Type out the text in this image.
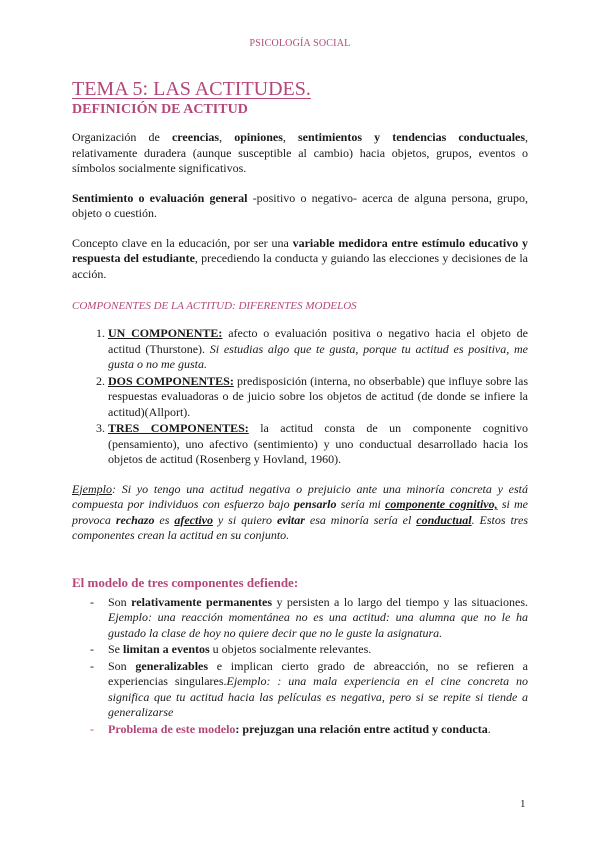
PSICOLOGÍA SOCIAL
TEMA 5: LAS ACTITUDES.
DEFINICIÓN DE ACTITUD

Organización de creencias, opiniones, sentimientos y tendencias conductuales, relativamente duradera (aunque susceptible al cambio) hacia objetos, grupos, eventos o símbolos socialmente significativos.

Sentimiento o evaluación general -positivo o negativo- acerca de alguna persona, grupo, objeto o cuestión.

Concepto clave en la educación, por ser una variable medidora entre estímulo educativo y respuesta del estudiante, precediendo la conducta y guiando las elecciones y decisiones de la acción.

COMPONENTES DE LA ACTITUD: DIFERENTES MODELOS
1. UN COMPONENTE: afecto o evaluación positiva o negativo hacia el objeto de actitud (Thurstone). Si estudias algo que te gusta, porque tu actitud es positiva, me gusta o no me gusta.
2. DOS COMPONENTES: predisposición (interna, no obserbable) que influye sobre las respuestas evaluadoras o de juicio sobre los objetos de actitud (de donde se infiere la actitud)(Allport).
3. TRES COMPONENTES: la actitud consta de un componente cognitivo (pensamiento), uno afectivo (sentimiento) y uno conductual desarrollado hacia los objetos de actitud (Rosenberg y Hovland, 1960).
Ejemplo: Si yo tengo una actitud negativa o prejuicio ante una minoría concreta y está compuesta por individuos con esfuerzo bajo pensarlo sería mi componente cognitivo, si me provoca rechazo es afectivo y si quiero evitar esa minoría sería el conductual. Estos tres componentes crean la actitud en su conjunto.
El modelo de tres componentes defiende:
- Son relativamente permanentes y persisten a lo largo del tiempo y las situaciones. Ejemplo: una reacción momentánea no es una actitud: una alumna que no le ha gustado la clase de hoy no quiere decir que no le guste la asignatura.
- Se limitan a eventos u objetos socialmente relevantes.
- Son generalizables e implican cierto grado de abreacción, no se refieren a experiencias singulares.Ejemplo: : una mala experiencia en el cine concreta no significa que tu actitud hacia las películas es negativa, pero si se repite si tiende a generalizarse
- Problema de este modelo: prejuzgan una relación entre actitud y conducta.
1
